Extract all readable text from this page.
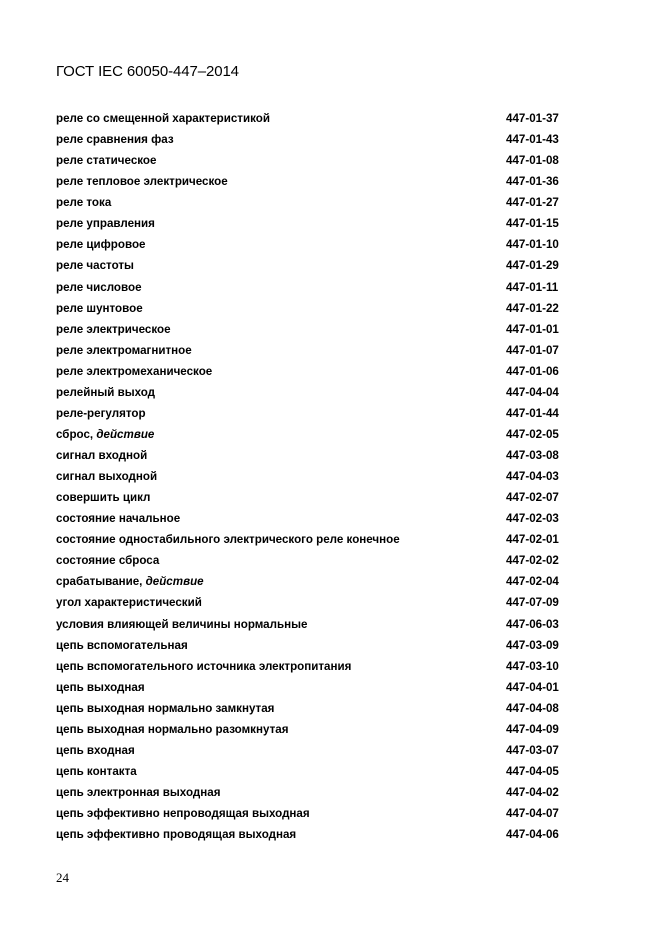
ГОСТ IEC 60050-447–2014
реле со смещенной характеристикой	447-01-37
реле сравнения фаз	447-01-43
реле статическое	447-01-08
реле тепловое электрическое	447-01-36
реле тока	447-01-27
реле управления	447-01-15
реле цифровое	447-01-10
реле частоты	447-01-29
реле числовое	447-01-11
реле шунтовое	447-01-22
реле электрическое	447-01-01
реле электромагнитное	447-01-07
реле электромеханическое	447-01-06
релейный выход	447-04-04
реле-регулятор	447-01-44
сброс, действие	447-02-05
сигнал входной	447-03-08
сигнал выходной	447-04-03
совершить цикл	447-02-07
состояние начальное	447-02-03
состояние одностабильного электрического реле конечное	447-02-01
состояние сброса	447-02-02
срабатывание, действие	447-02-04
угол характеристический	447-07-09
условия влияющей величины нормальные	447-06-03
цепь вспомогательная	447-03-09
цепь вспомогательного источника электропитания	447-03-10
цепь выходная	447-04-01
цепь выходная нормально замкнутая	447-04-08
цепь выходная нормально разомкнутая	447-04-09
цепь входная	447-03-07
цепь контакта	447-04-05
цепь электронная выходная	447-04-02
цепь эффективно непроводящая выходная	447-04-07
цепь эффективно проводящая выходная	447-04-06
24
